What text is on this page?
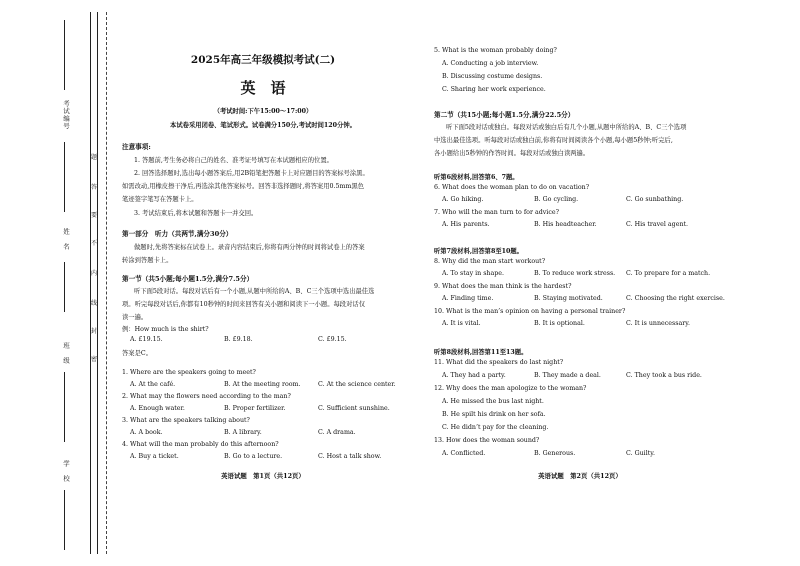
考试编号
姓　名
班　级
学　校
题
答
要
不
内
线
封
密
2025年高三年级模拟考试(二)
英　语
（考试时间:下午15:00～17:00）
本试卷采用闭卷、笔试形式。试卷满分150分,考试时间120分钟。
注意事项:
1. 答题前,考生务必将自己的姓名、准考证号填写在本试题相应的位置。
2. 回答选择题时,选出每小题答案后,用2B铅笔把答题卡上对应题目的答案标号涂黑。
如需改动,用橡皮擦干净后,再选涂其他答案标号。回答非选择题时,将答案用0.5mm黑色
笔迹签字笔写在答题卡上。
3. 考试结束后,将本试题和答题卡一并交回。
第一部分　听力（共两节,满分30分）
做题时,先将答案标在试卷上。录音内容结束后,你将有两分钟的时间将试卷上的答案
转涂到答题卡上。
第一节（共5小题;每小题1.5分,满分7.5分）
听下面5段对话。每段对话后有一个小题,从题中所给的A、B、C三个选项中选出最佳选
项。听完每段对话后,你都有10秒钟的时间来回答有关小题和阅读下一小题。每段对话仅
读一遍。
例：How much is the shirt?
A. £19.15.	B. £9.18.	C. £9.15.
答案是C。
1. Where are the speakers going to meet?
A. At the café.	B. At the meeting room.	C. At the science center.
2. What may the flowers need according to the man?
A. Enough water.	B. Proper fertilizer.	C. Sufficient sunshine.
3. What are the speakers talking about?
A. A book.	B. A library.	C. A drama.
4. What will the man probably do this afternoon?
A. Buy a ticket.	B. Go to a lecture.	C. Host a talk show.
英语试题　第1页（共12页）
5. What is the woman probably doing?
A. Conducting a job interview.
B. Discussing costume designs.
C. Sharing her work experience.
第二节（共15小题;每小题1.5分,满分22.5分）
听下面5段对话或独白。每段对话或独白后有几个小题,从题中所给的A、B、C三个选项
中选出最佳选项。听每段对话或独白前,你将有时间阅读各个小题,每小题5秒钟;听完后,
各小题给出5秒钟的作答时间。每段对话或独白读两遍。
听第6段材料,回答第6、7题。
6. What does the woman plan to do on vacation?
A. Go hiking.	B. Go cycling.	C. Go sunbathing.
7. Who will the man turn to for advice?
A. His parents.	B. His headteacher.	C. His travel agent.
听第7段材料,回答第8至10题。
8. Why did the man start workout?
A. To stay in shape.	B. To reduce work stress. C. To prepare for a match.
9. What does the man think is the hardest?
A. Finding time.	B. Staying motivated.	C. Choosing the right exercise.
10. What is the man’s opinion on having a personal trainer?
A. It is vital.	B. It is optional.	C. It is unnecessary.
听第8段材料,回答第11至13题。
11. What did the speakers do last night?
A. They had a party.	B. They made a deal.	C. They took a bus ride.
12. Why does the man apologize to the woman?
A. He missed the bus last night.
B. He spilt his drink on her sofa.
C. He didn’t pay for the cleaning.
13. How does the woman sound?
A. Conflicted.	B. Generous.	C. Guilty.
英语试题　第2页（共12页）
